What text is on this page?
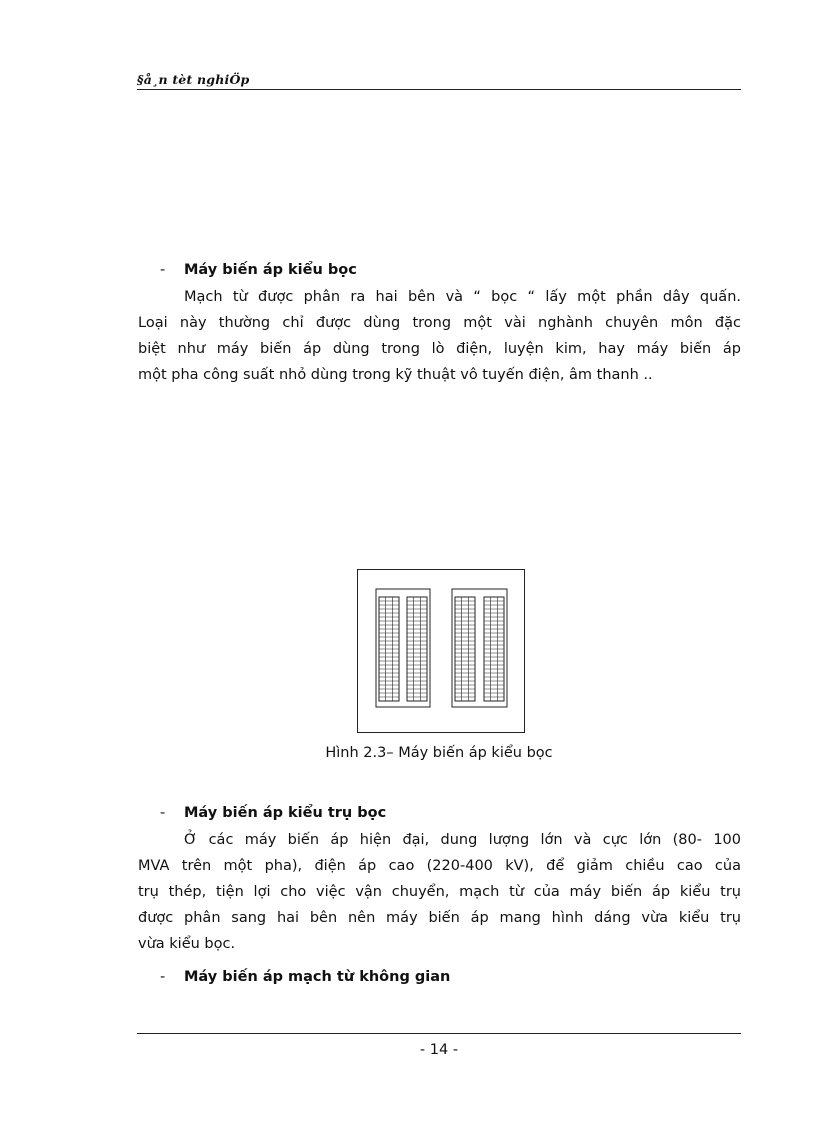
§å¸n tèt nghiÖp
- Máy biến áp kiểu bọc
Mạch từ được phân ra hai bên và “ bọc “ lấy một phần dây quấn.
Loại này thường chỉ được dùng trong một vài nghành chuyên môn đặc
biệt như máy biến áp dùng trong lò điện, luyện kim, hay máy biến áp
một pha công suất nhỏ dùng trong kỹ thuật vô tuyến điện, âm thanh ..
Hình 2.3– Máy biến áp kiểu bọc
- Máy biến áp kiểu trụ bọc
Ở các máy biến áp hiện đại, dung lượng lớn và cực lớn (80- 100
MVA trên một pha), điện áp cao (220-400 kV), để giảm chiều cao của
trụ thép, tiện lợi cho việc vận chuyển, mạch từ của máy biến áp kiểu trụ
được phân sang hai bên nên máy biến áp mang hình dáng vừa kiểu trụ
vừa kiểu bọc.
- Máy biến áp mạch từ không gian
- 14 -
